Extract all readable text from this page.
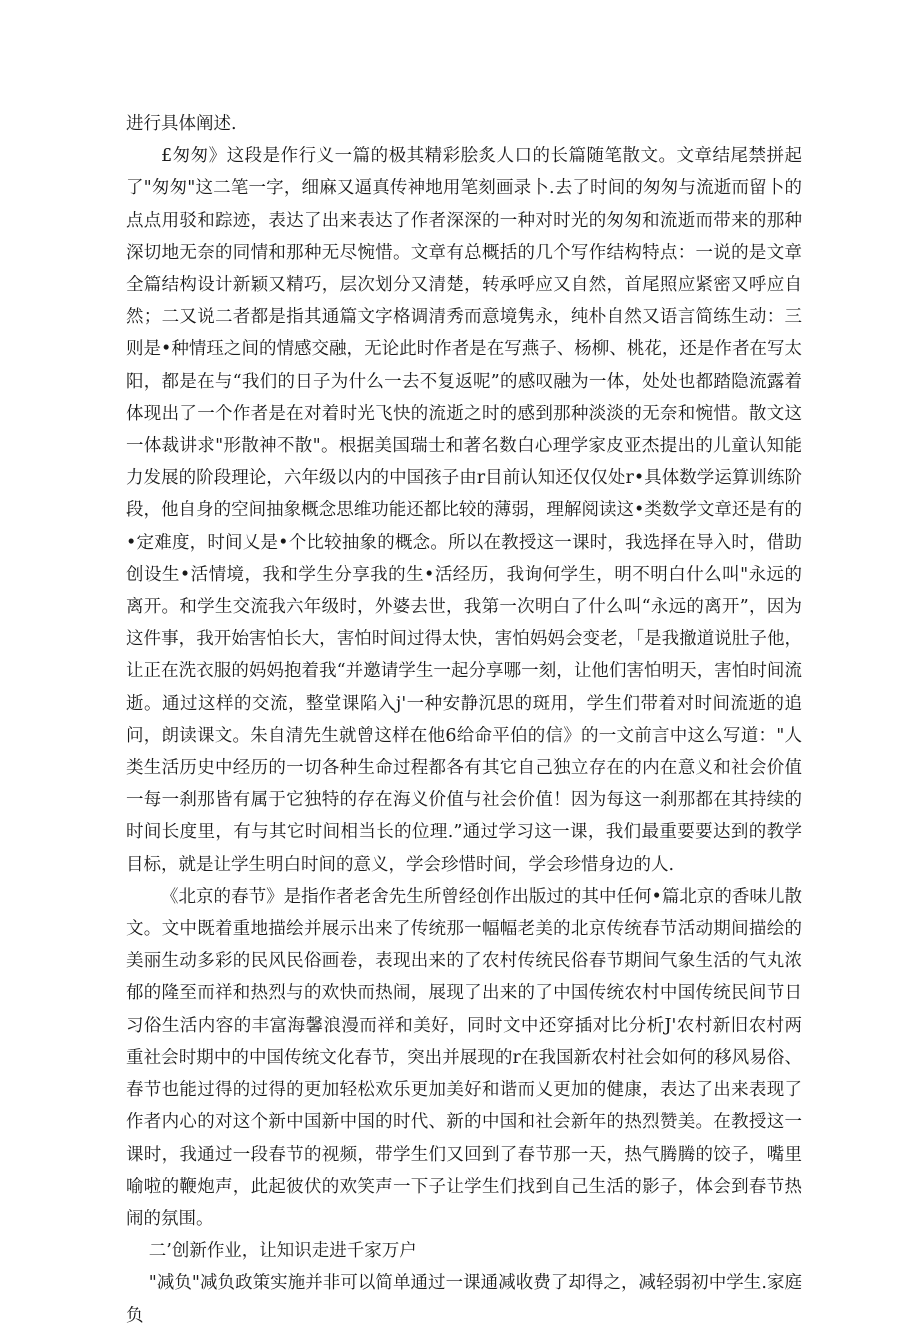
进行具体阐述.

£匆匆》这段是作行义一篇的极其精彩脍炙人口的长篇随笔散文。文章结尾禁拼起了"匆匆"这二笔一字，细麻又逼真传神地用笔刻画录卜.去了时间的匆匆与流逝而留卜的点点用驳和踪迹，表达了出来表达了作者深深的一种对时光的匆匆和流逝而带来的那种深切地无奈的同情和那种无尽惋惜。文章有总概括的几个写作结构特点：一说的是文章全篇结构设计新颖又精巧，层次划分又清楚，转承呼应又自然，首尾照应紧密又呼应自然；二又说二者都是指其通篇文字格调清秀而意境隽永，纯朴自然又语言简练生动：三则是•种情珏之间的情感交融，无论此时作者是在写燕子、杨柳、桃花，还是作者在写太阳，都是在与“我们的日子为什么一去不复返呢”的感叹融为一体，处处也都踏隐流露着体现出了一个作者是在对着时光飞快的流逝之时的感到那种淡淡的无奈和惋惜。散文这一体裁讲求"形散神不散"。根据美国瑞士和著名数白心理学家皮亚杰提出的儿童认知能力发展的阶段理论，六年级以内的中国孩子由r目前认知还仅仅处r•具体数学运算训练阶段，他自身的空间抽象概念思维功能还都比较的薄弱，理解阅读这•类数学文章还是有的•定难度，时间乂是•个比较抽象的概念。所以在教授这一课时，我选择在导入时，借助创设生•活情境，我和学生分享我的生•活经历，我询何学生，明不明白什么叫"永远的离开。和学生交流我六年级时，外婆去世，我第一次明白了什么叫“永远的离开”，因为这件事，我开始害怕长大，害怕时间过得太快，害怕妈妈会变老，「是我撤道说肚子他，让正在洗衣服的妈妈抱着我“并邀请学生一起分享哪一刻，让他们害怕明天，害怕时间流逝。通过这样的交流，整堂课陷入j'一种安静沉思的斑用，学生们带着对时间流逝的追问，朗读课文。朱自清先生就曾这样在他6给命平伯的信》的一文前言中这么写道："人类生活历史中经历的一切各种生命过程都各有其它自己独立存在的内在意义和社会价值一每一刹那皆有属于它独特的存在海义价值与社会价值！因为每这一刹那都在其持续的时间长度里，有与其它时间相当长的位理.”通过学习这一课，我们最重要要达到的教学目标，就是让学生明白时间的意义，学会珍惜时间，学会珍惜身边的人.

《北京的春节》是指作者老舍先生所曾经创作出版过的其中任何•篇北京的香味儿散文。文中既着重地描绘并展示出来了传统那一幅幅老美的北京传统春节活动期间描绘的美丽生动多彩的民风民俗画卷，表现出来的了农村传统民俗春节期间气象生活的气丸浓郁的隆至而祥和热烈与的欢快而热闹，展现了出来的了中国传统农村中国传统民间节日习俗生活内容的丰富海馨浪漫而祥和美好，同时文中还穿插对比分析J'农村新旧农村两重社会时期中的中国传统文化春节，突出并展现的r在我国新农村社会如何的移风易俗、春节也能过得的过得的更加轻松欢乐更加美好和谐而乂更加的健康，表达了出来表现了作者内心的对这个新中国新中国的时代、新的中国和社会新年的热烈赞美。在教授这一课时，我通过一段春节的视频，带学生们又回到了春节那一天，热气腾腾的饺子，嘴里喻啦的鞭炮声，此起彼伏的欢笑声一下子让学生们找到自己生活的影子，体会到春节热闹的氛围。

二’创新作业，让知识走进千家万户

"减负"减负政策实施并非可以简单通过一课通减收费了却得之，减轻弱初中学生.家庭负
